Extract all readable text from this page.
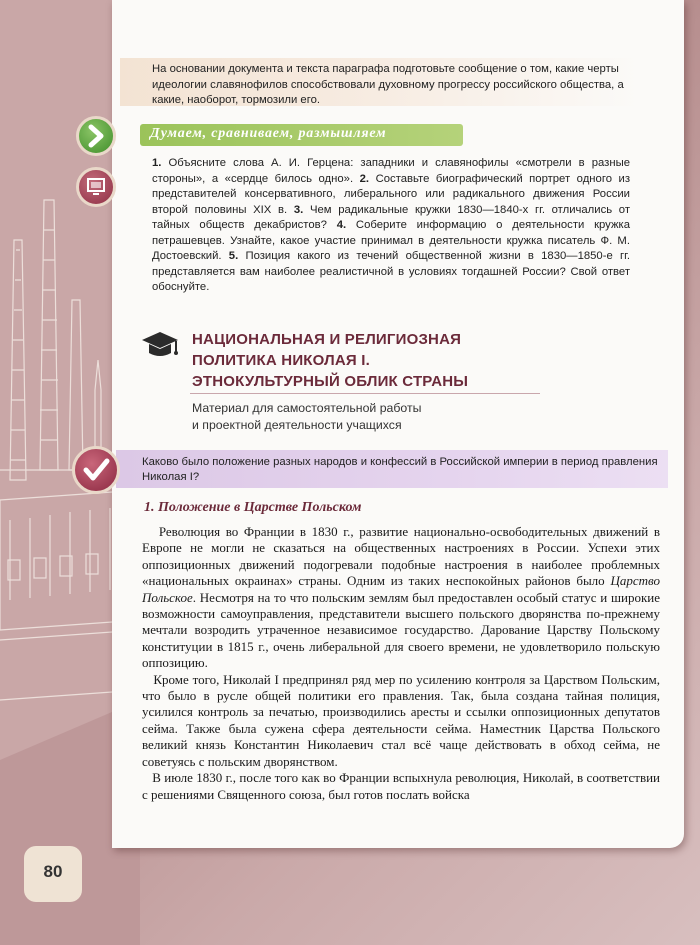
На основании документа и текста параграфа подготовьте сообщение о том, какие черты идеологии славянофилов способствовали духовному прогрессу российского общества, а какие, наоборот, тормозили его.
Думаем, сравниваем, размышляем
1. Объясните слова А. И. Герцена: западники и славянофилы «смотрели в разные стороны», а «сердце билось одно». 2. Составьте биографический портрет одного из представителей консервативного, либерального или радикального движения России второй половины XIX в. 3. Чем радикальные кружки 1830—1840-х гг. отличались от тайных обществ декабристов? 4. Соберите информацию о деятельности кружка петрашевцев. Узнайте, какое участие принимал в деятельности кружка писатель Ф. М. Достоевский. 5. Позиция какого из течений общественной жизни в 1830—1850-е гг. представляется вам наиболее реалистичной в условиях тогдашней России? Свой ответ обоснуйте.
НАЦИОНАЛЬНАЯ И РЕЛИГИОЗНАЯ
ПОЛИТИКА НИКОЛАЯ I.
ЭТНОКУЛЬТУРНЫЙ ОБЛИК СТРАНЫ
Материал для самостоятельной работы
и проектной деятельности учащихся
Каково было положение разных народов и конфессий в Российской империи в период правления Николая I?
1. Положение в Царстве Польском

Революция во Франции в 1830 г., развитие национально-освободительных движений в Европе не могли не сказаться на общественных настроениях в России. Успехи этих оппозиционных движений подогревали подобные настроения в наиболее проблемных «национальных окраинах» страны. Одним из таких неспокойных районов было Царство Польское. Несмотря на то что польским землям был предоставлен особый статус и широкие возможности самоуправления, представители высшего польского дворянства по-прежнему мечтали возродить утраченное независимое государство. Дарование Царству Польскому конституции в 1815 г., очень либеральной для своего времени, не удовлетворило польскую оппозицию.

Кроме того, Николай I предпринял ряд мер по усилению контроля за Царством Польским, что было в русле общей политики его правления. Так, была создана тайная полиция, усилился контроль за печатью, производились аресты и ссылки оппозиционных депутатов сейма. Также была сужена сфера деятельности сейма. Наместник Царства Польского великий князь Константин Николаевич стал всё чаще действовать в обход сейма, не советуясь с польским дворянством.

В июле 1830 г., после того как во Франции вспыхнула революция, Николай, в соответствии с решениями Священного союза, был готов послать войска

80
